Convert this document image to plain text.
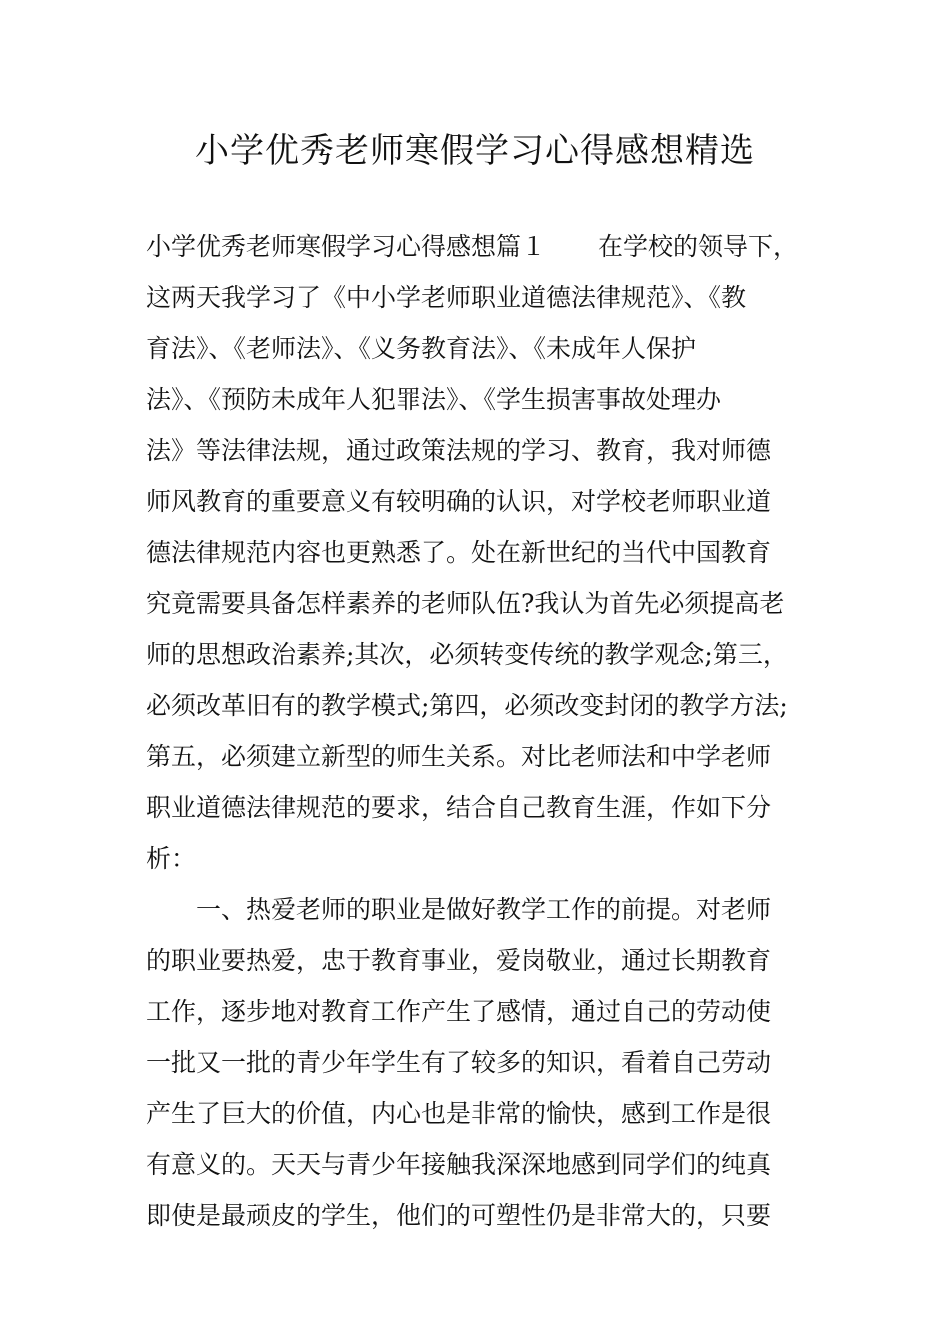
小学优秀老师寒假学习心得感想精选
小学优秀老师寒假学习心得感想篇１ 在学校的领导下，
这两天我学习了《中小学老师职业道德法律规范》、《教
育法》、《老师法》、《义务教育法》、《未成年人保护
法》、《预防未成年人犯罪法》、《学生损害事故处理办
法》等法律法规，通过政策法规的学习、教育，我对师德
师风教育的重要意义有较明确的认识，对学校老师职业道
德法律规范内容也更熟悉了。处在新世纪的当代中国教育
究竟需要具备怎样素养的老师队伍?我认为首先必须提高老
师的思想政治素养;其次，必须转变传统的教学观念;第三，
必须改革旧有的教学模式;第四，必须改变封闭的教学方法;
第五，必须建立新型的师生关系。对比老师法和中学老师
职业道德法律规范的要求，结合自己教育生涯，作如下分
析：
一、热爱老师的职业是做好教学工作的前提。对老师
的职业要热爱，忠于教育事业，爱岗敬业，通过长期教育
工作，逐步地对教育工作产生了感情，通过自己的劳动使
一批又一批的青少年学生有了较多的知识，看着自己劳动
产生了巨大的价值，内心也是非常的愉快，感到工作是很
有意义的。天天与青少年接触我深深地感到同学们的纯真
即使是最顽皮的学生，他们的可塑性仍是非常大的，只要
